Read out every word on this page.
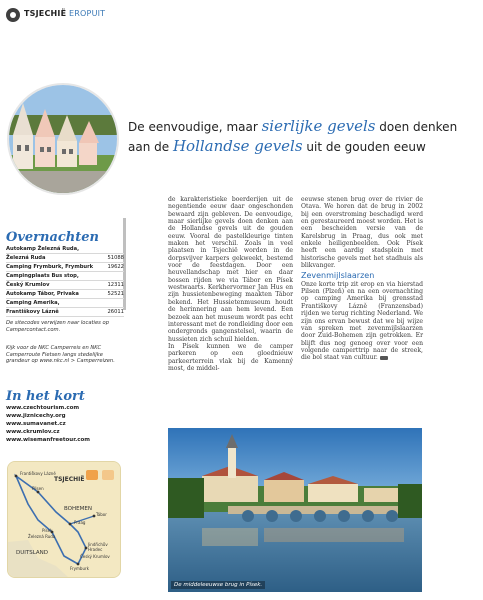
TSJECHIË EROPUIT
De eenvoudige, maar sierlijke gevels doen denken aan de Hollandse gevels uit de gouden eeuw
Overnachten
Autokamp Železná Ruda,
Železná Ruda	51088
Camping Frymburk, Frymburk	19622
Campingplaats Bus stop,
Český Krumlov	12311
Autokamp Tábor, Privaka	52521
Camping Amerika,
Františkovy Lázně	26011
De sitecodes verwijzen naar locaties op Campercontact.com.
Kijk voor de NKC Camperreis en NKC Camperroute Fietsen langs stedelijke grandeur op www.nkc.nl > Camperreizen.
In het kort
www.czechtourism.com
www.jiznicechy.org
www.sumavanet.cz
www.ckrumlov.cz
www.wisemanfreetour.com
TSJECHIË
BOHEMEN
DUITSLAND
Františkovy Lázně
Pilsen
Praag
Tábor
Písek
Jindřichův Hradec
Český Krumlov
Frymburk
Železná Ruda

de karakteristieke boerderijen uit de negentiende eeuw daar ongeschonden bewaard zijn gebleven. De eenvoudige, maar sierlijke gevels doen denken aan de Hollandse gevels uit de gouden eeuw. Vooral de pastelkleurige tinten maken het verschil. Zoals in veel plaatsen in Tsjechië worden in de dorpsvijver karpers gekweekt, bestemd voor de feestdagen. Door een heuvellandschap met hier en daar bossen rijden we via Tábor en Písek westwaarts. Kerkhervormer Jan Hus en zijn hussietenbeweging maakten Tábor bekend. Het Hussietenmuseum houdt de herinnering aan hem levend. Een bezoek aan het museum wordt pas echt interessant met de rondleiding door een ondergronds gangenstelsel, waarin de hussieten zich schuil hielden.
In Písek kunnen we de camper parkeren op een gloednieuw parkeerterrein vlak bij de Kamenný most, de middel-

eeuwse stenen brug over de rivier de Otava. We horen dat de brug in 2002 bij een overstroming beschadigd werd en gerestaureerd moest worden. Het is een bescheiden versie van de Karelsbrug in Praag, dus ook met enkele heiligenbeelden. Ook Písek heeft een aardig stadsplein met historische gevels met het stadhuis als blikvanger.

Zevenmijlslaarzen

Onze korte trip zit erop en via hierstad Pilsen (Plzeň) en na een overnachting op camping Amerika bij grensstad Františkovy Lázně (Franzensbad) rijden we terug richting Nederland. We zijn ons ervan bewust dat we bij wijze van spreken met zevenmijlslaarzen door Zuid-Bohemen zijn getrokken. Er blijft dus nog genoeg over voor een volgende camperttrip naar de streek, die bol staat van cultuur.

De middeleeuwse brug in Písek.
